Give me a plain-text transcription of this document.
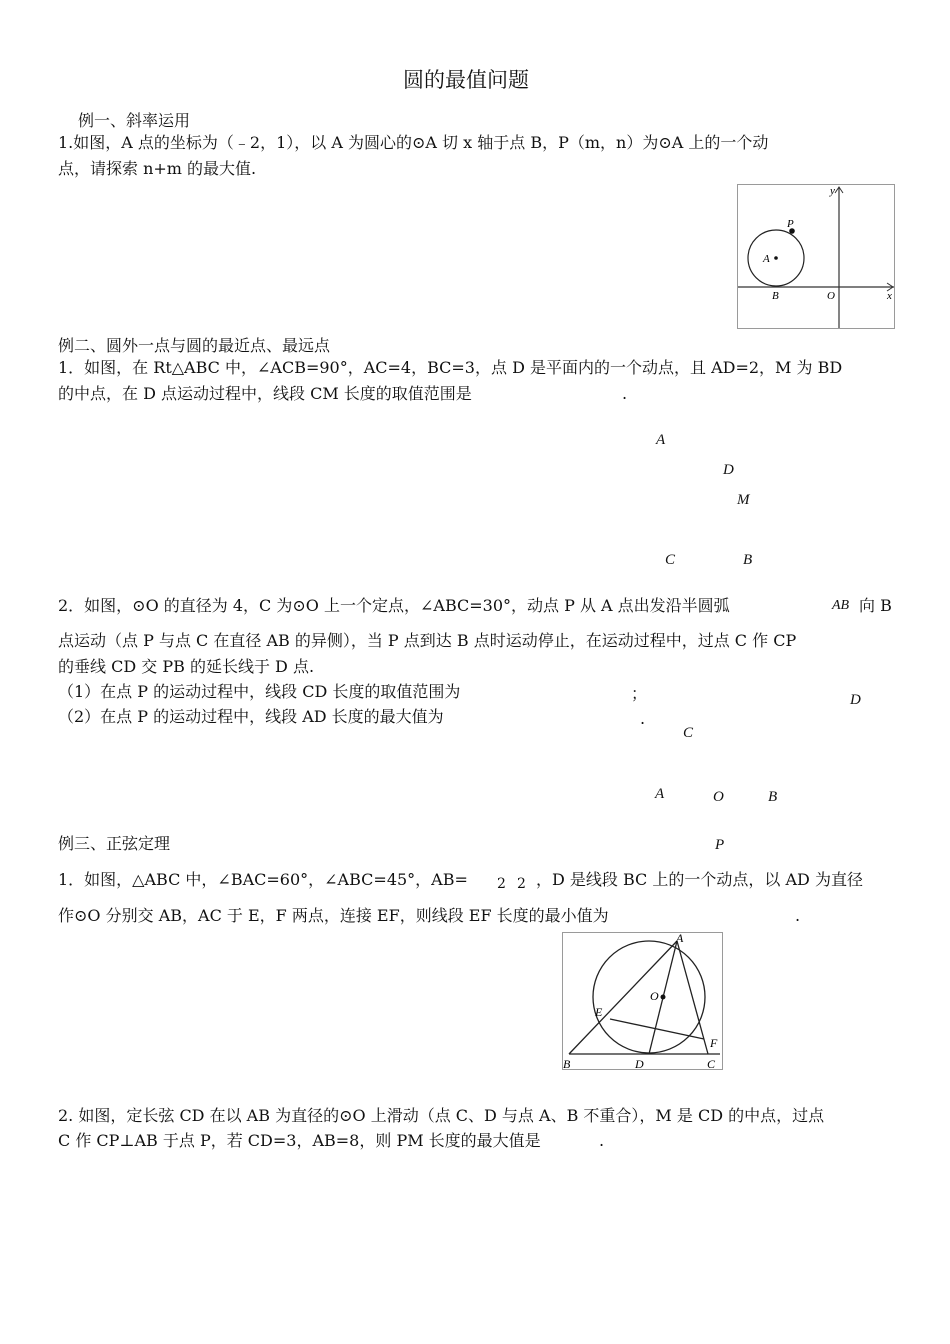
圆的最值问题
例一、斜率运用
1.如图，A 点的坐标为（﹣2，1），以 A 为圆心的⊙A 切 x 轴于点 B，P（m，n）为⊙A 上的一个动
点，请探索 n+m 的最大值.
y
x
P
A
B	O
例二、圆外一点与圆的最近点、最远点
1．如图，在 Rt△ABC 中，∠ACB=90°，AC=4，BC=3，点 D 是平面内的一个动点，且 AD=2，M 为 BD
的中点，在 D 点运动过程中，线段 CM 长度的取值范围是	.
A
D
M
C	B
2．如图，⊙O 的直径为 4，C 为⊙O 上一个定点，∠ABC=30°，动点 P 从 A 点出发沿半圆弧	AB 向 B
点运动（点 P 与点 C 在直径 AB 的异侧），当 P 点到达 B 点时运动停止，在运动过程中，过点 C 作 CP
的垂线 CD 交 PB 的延长线于 D 点.
（1）在点 P 的运动过程中，线段 CD 长度的取值范围为	；
（2）在点 P 的运动过程中，线段 AD 长度的最大值为	.
D
C
A	O	B
P
例三、正弦定理
1．如图，△ABC 中，∠BAC=60°，∠ABC=45°，AB= 2 2 ，D 是线段 BC 上的一个动点，以 AD 为直径
作⊙O 分别交 AB，AC 于 E，F 两点，连接 EF，则线段 EF 长度的最小值为	.
A
O
E
F
B	D	C
2. 如图，定长弦 CD 在以 AB 为直径的⊙O 上滑动（点 C、D 与点 A、B 不重合），M 是 CD 的中点，过点
C 作 CP⊥AB 于点 P，若 CD=3，AB=8，则 PM 长度的最大值是	.
